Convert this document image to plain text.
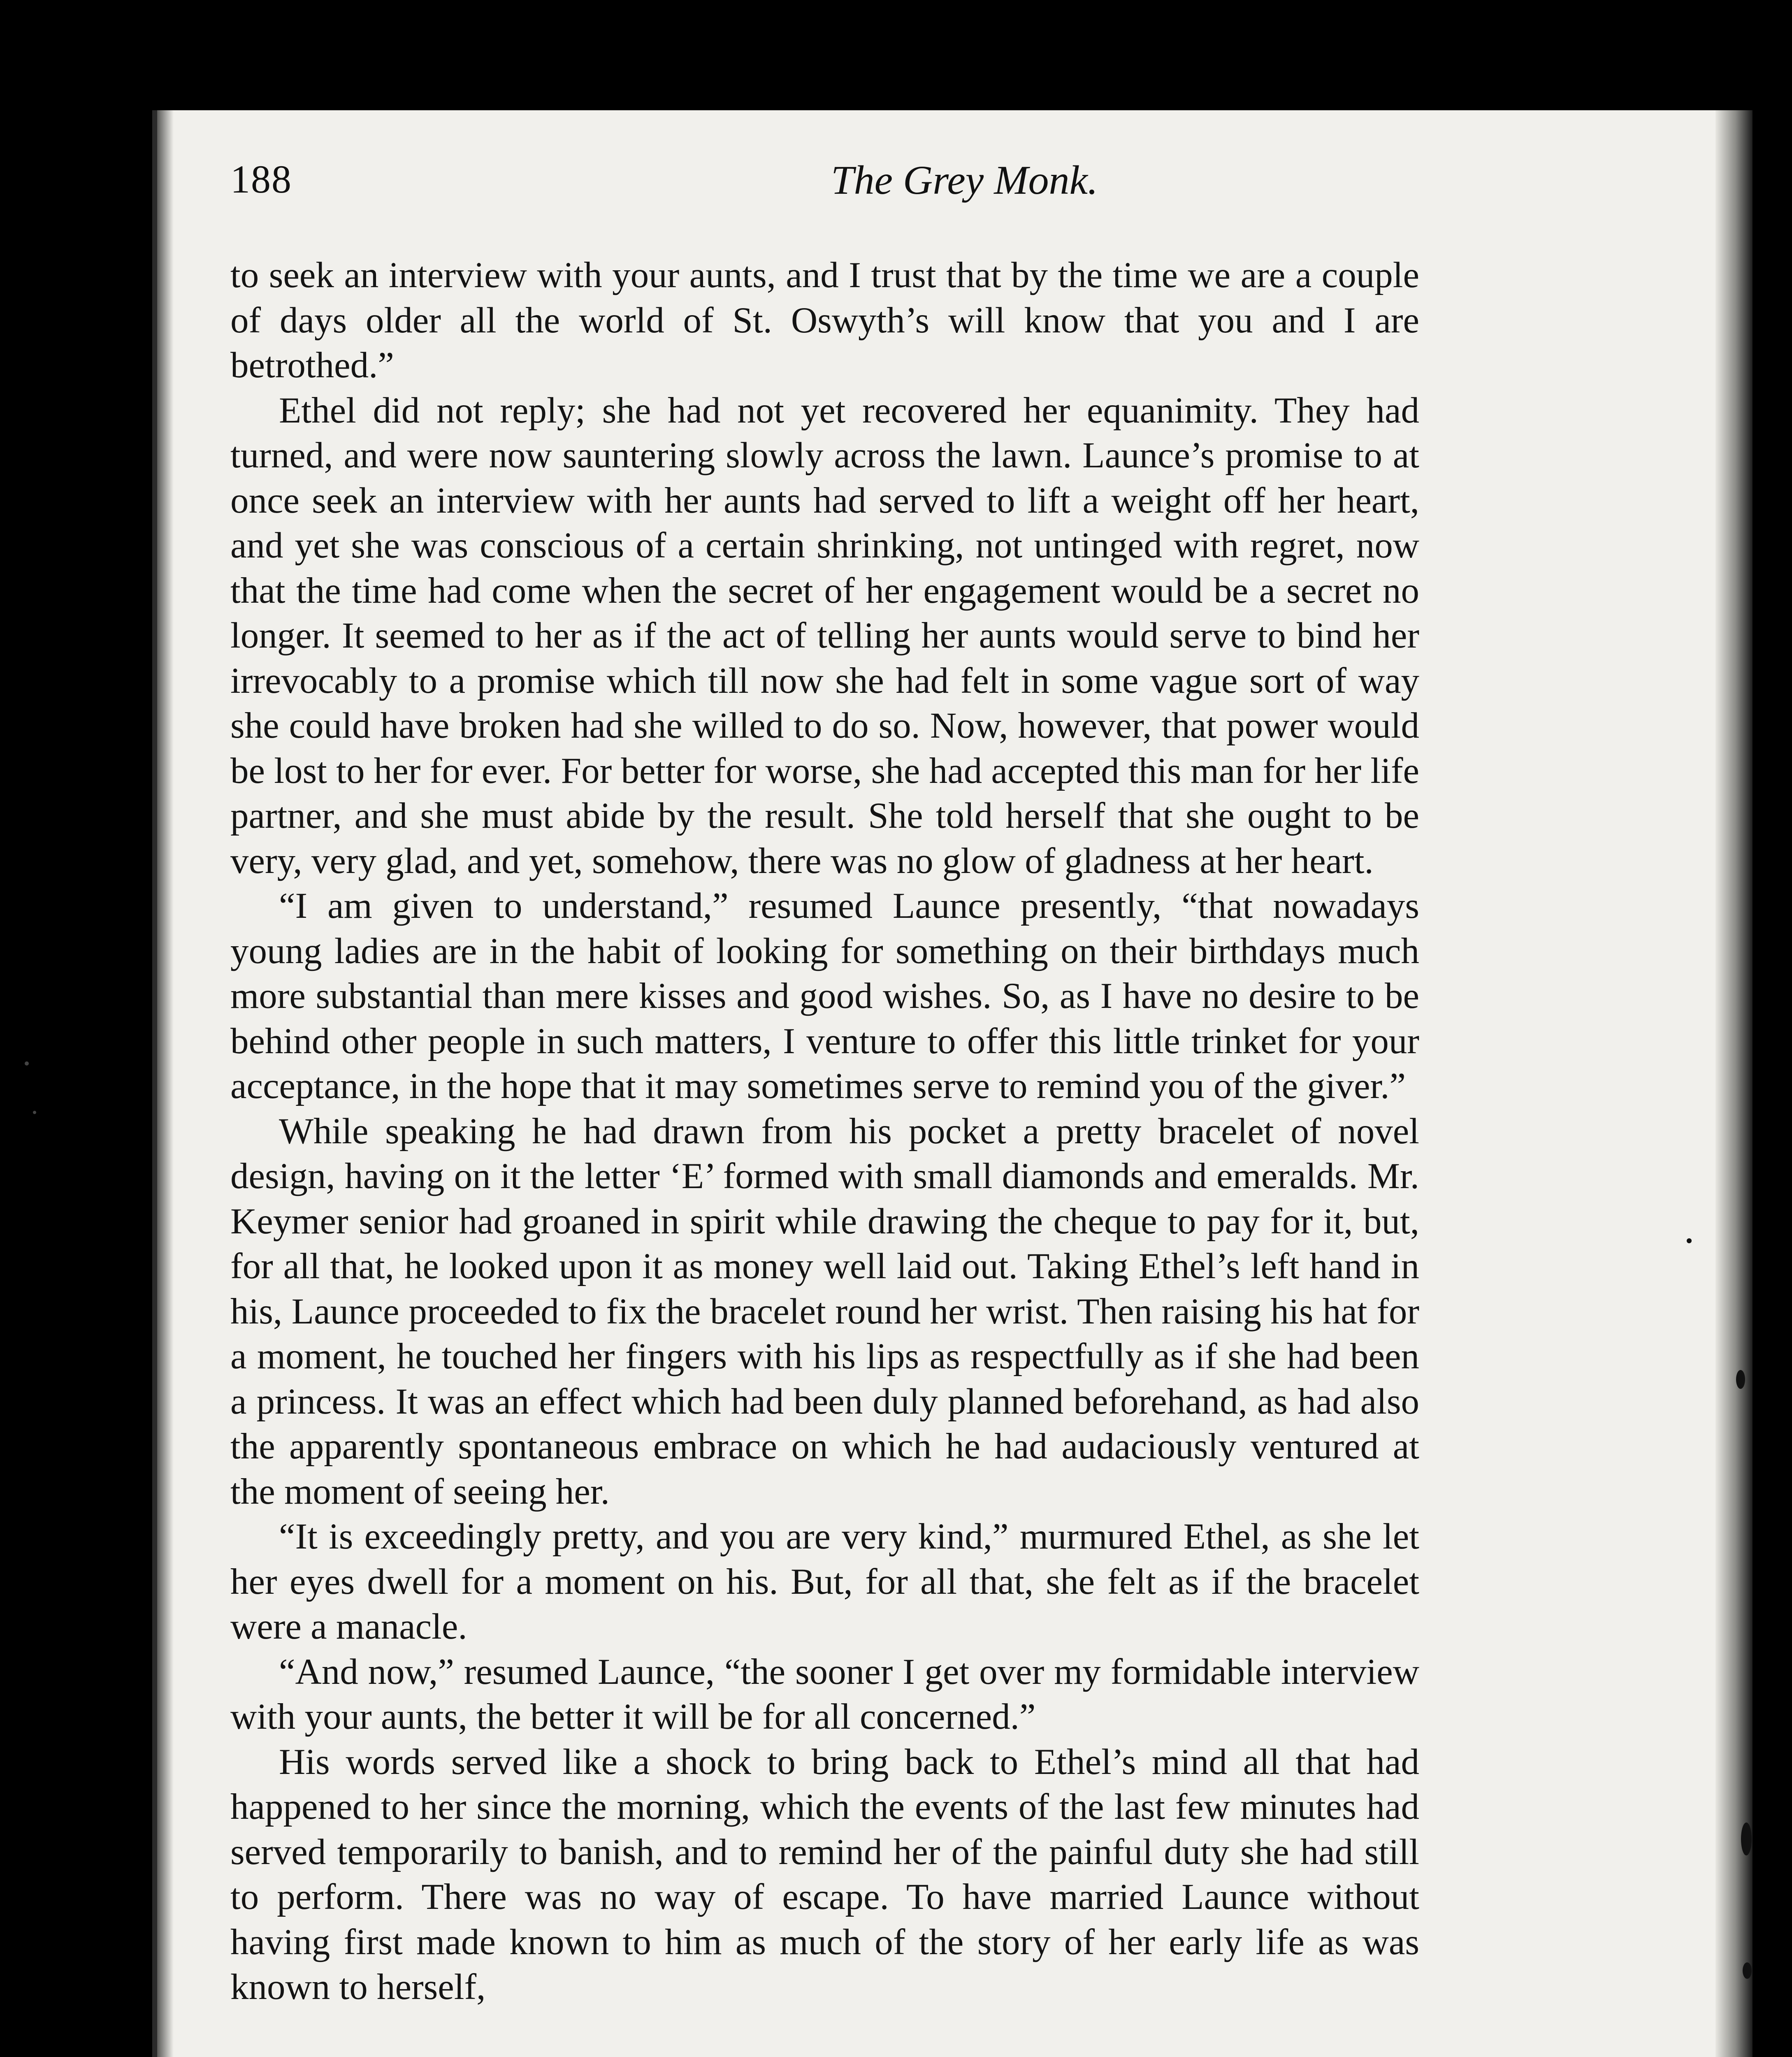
188	The Grey Monk.

to seek an interview with your aunts, and I trust that by the time we are a couple of days older all the world of St. Oswyth’s will know that you and I are betrothed.”

Ethel did not reply; she had not yet recovered her equanimity. They had turned, and were now sauntering slowly across the lawn. Launce’s promise to at once seek an interview with her aunts had served to lift a weight off her heart, and yet she was conscious of a certain shrinking, not untinged with regret, now that the time had come when the secret of her engagement would be a secret no longer. It seemed to her as if the act of telling her aunts would serve to bind her irrevocably to a promise which till now she had felt in some vague sort of way she could have broken had she willed to do so. Now, however, that power would be lost to her for ever. For better for worse, she had accepted this man for her life partner, and she must abide by the result. She told herself that she ought to be very, very glad, and yet, somehow, there was no glow of gladness at her heart.

“I am given to understand,” resumed Launce presently, “that nowadays young ladies are in the habit of looking for something on their birthdays much more substantial than mere kisses and good wishes. So, as I have no desire to be behind other people in such matters, I venture to offer this little trinket for your acceptance, in the hope that it may sometimes serve to remind you of the giver.”

While speaking he had drawn from his pocket a pretty bracelet of novel design, having on it the letter ‘E’ formed with small diamonds and emeralds. Mr. Keymer senior had groaned in spirit while drawing the cheque to pay for it, but, for all that, he looked upon it as money well laid out. Taking Ethel’s left hand in his, Launce proceeded to fix the bracelet round her wrist. Then raising his hat for a moment, he touched her fingers with his lips as respectfully as if she had been a princess. It was an effect which had been duly planned beforehand, as had also the apparently spontaneous embrace on which he had audaciously ventured at the moment of seeing her.

“It is exceedingly pretty, and you are very kind,” murmured Ethel, as she let her eyes dwell for a moment on his. But, for all that, she felt as if the bracelet were a manacle.

“And now,” resumed Launce, “the sooner I get over my formidable interview with your aunts, the better it will be for all concerned.”

His words served like a shock to bring back to Ethel’s mind all that had happened to her since the morning, which the events of the last few minutes had served temporarily to banish, and to remind her of the painful duty she had still to perform. There was no way of escape. To have married Launce without having first made known to him as much of the story of her early life as was known to herself,
